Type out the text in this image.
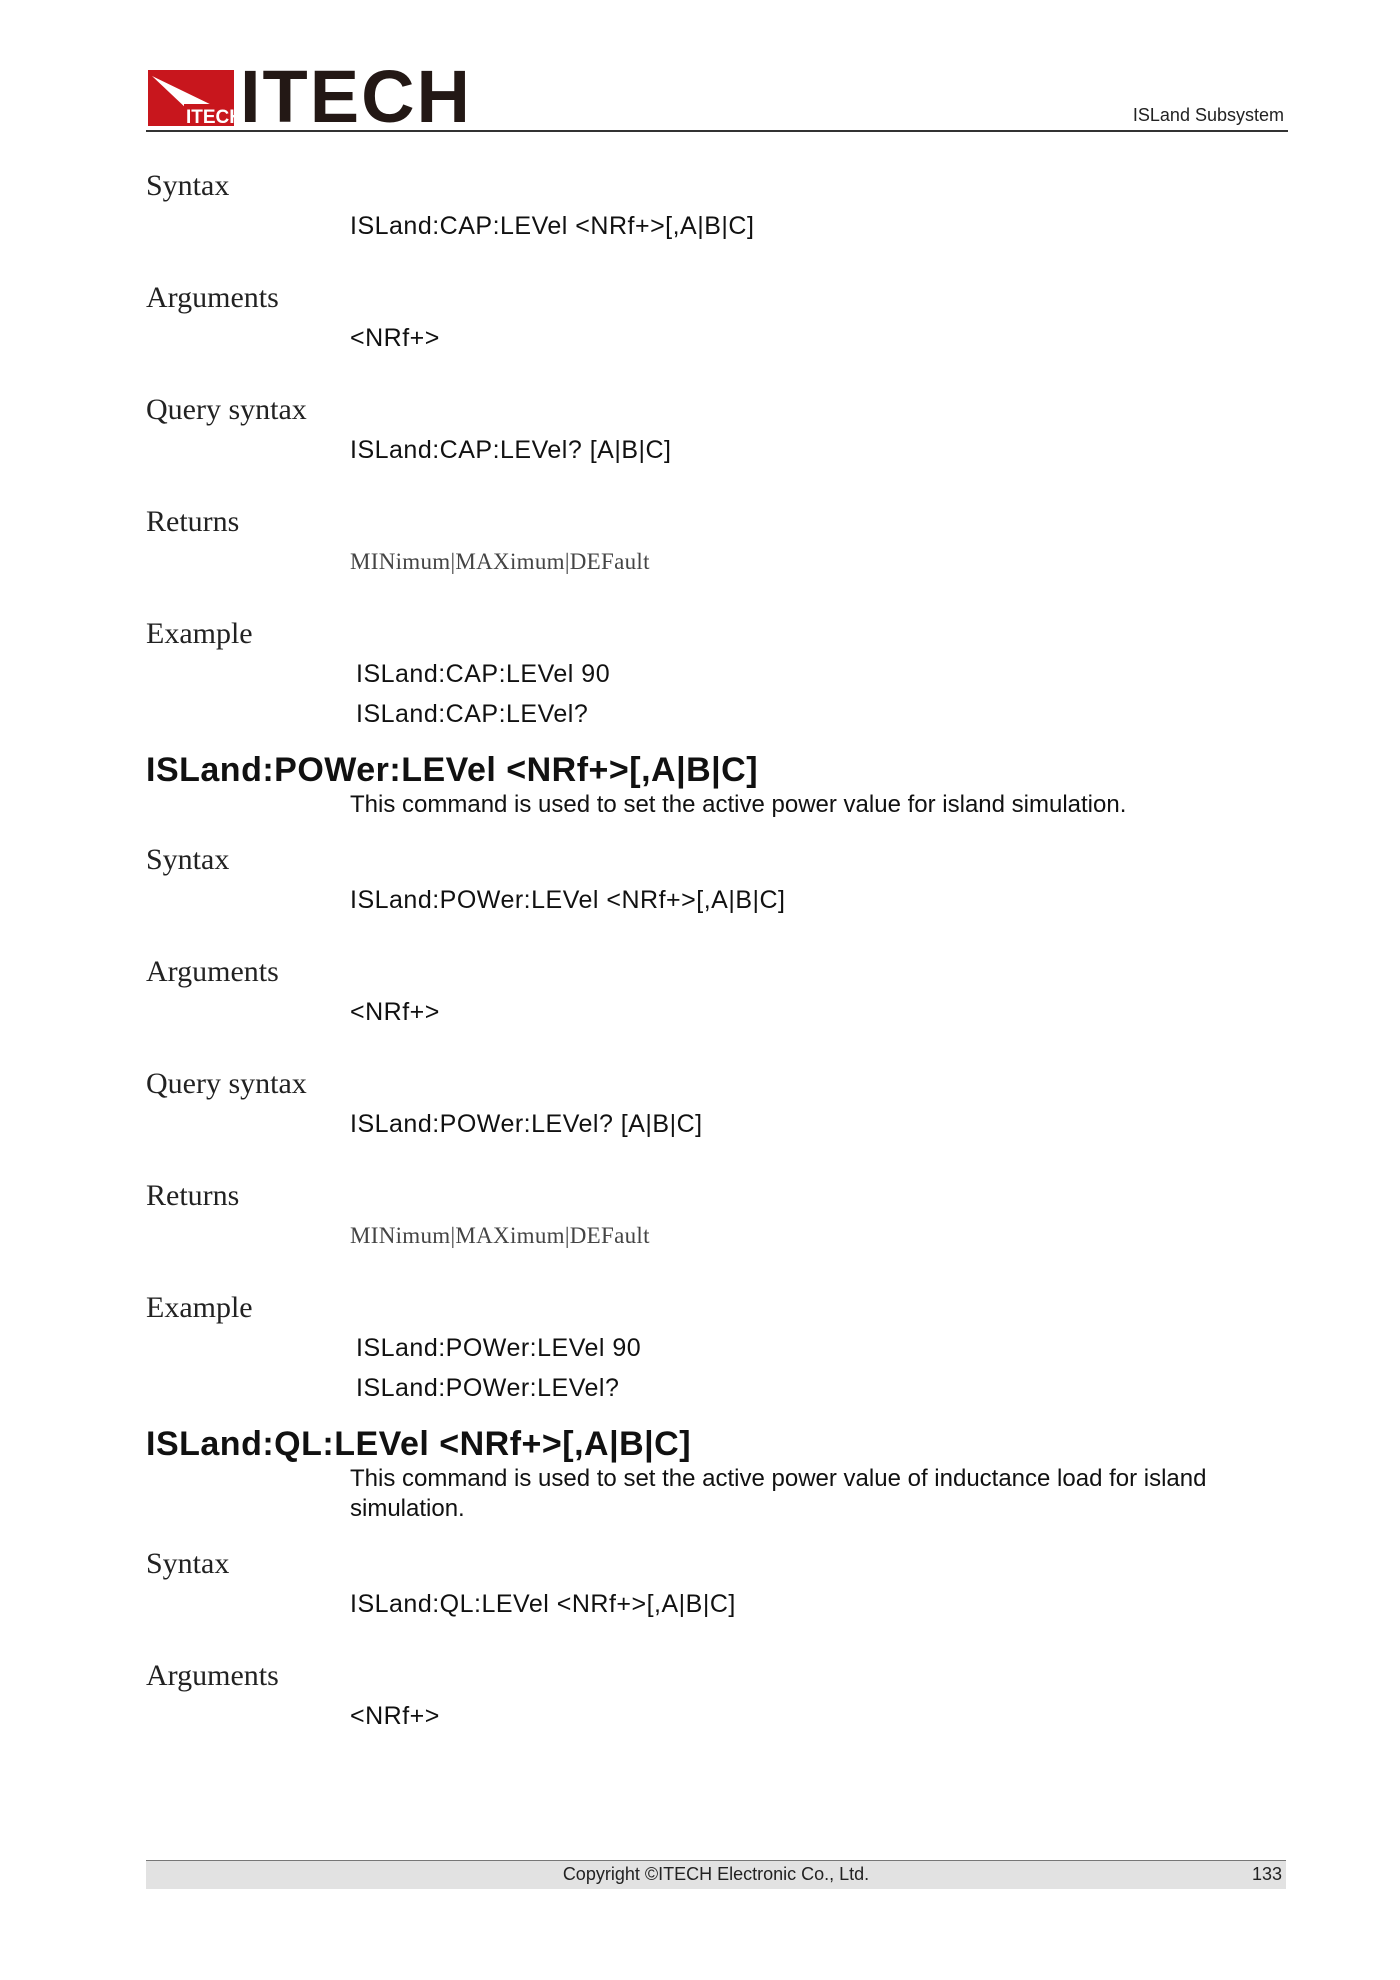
ITECH
ITECH	ISLand Subsystem
Syntax
ISLand:CAP:LEVel <NRf+>[,A|B|C]
Arguments
<NRf+>
Query syntax
ISLand:CAP:LEVel? [A|B|C]
Returns
MINimum|MAXimum|DEFault
Example
ISLand:CAP:LEVel 90
ISLand:CAP:LEVel?
ISLand:POWer:LEVel <NRf+>[,A|B|C]
This command is used to set the active power value for island simulation.
Syntax
ISLand:POWer:LEVel <NRf+>[,A|B|C]
Arguments
<NRf+>
Query syntax
ISLand:POWer:LEVel? [A|B|C]
Returns
MINimum|MAXimum|DEFault
Example
ISLand:POWer:LEVel 90
ISLand:POWer:LEVel?
ISLand:QL:LEVel <NRf+>[,A|B|C]
This command is used to set the active power value of inductance load for island simulation.
Syntax
ISLand:QL:LEVel <NRf+>[,A|B|C]
Arguments
<NRf+>
Copyright ©ITECH Electronic Co., Ltd.	133
